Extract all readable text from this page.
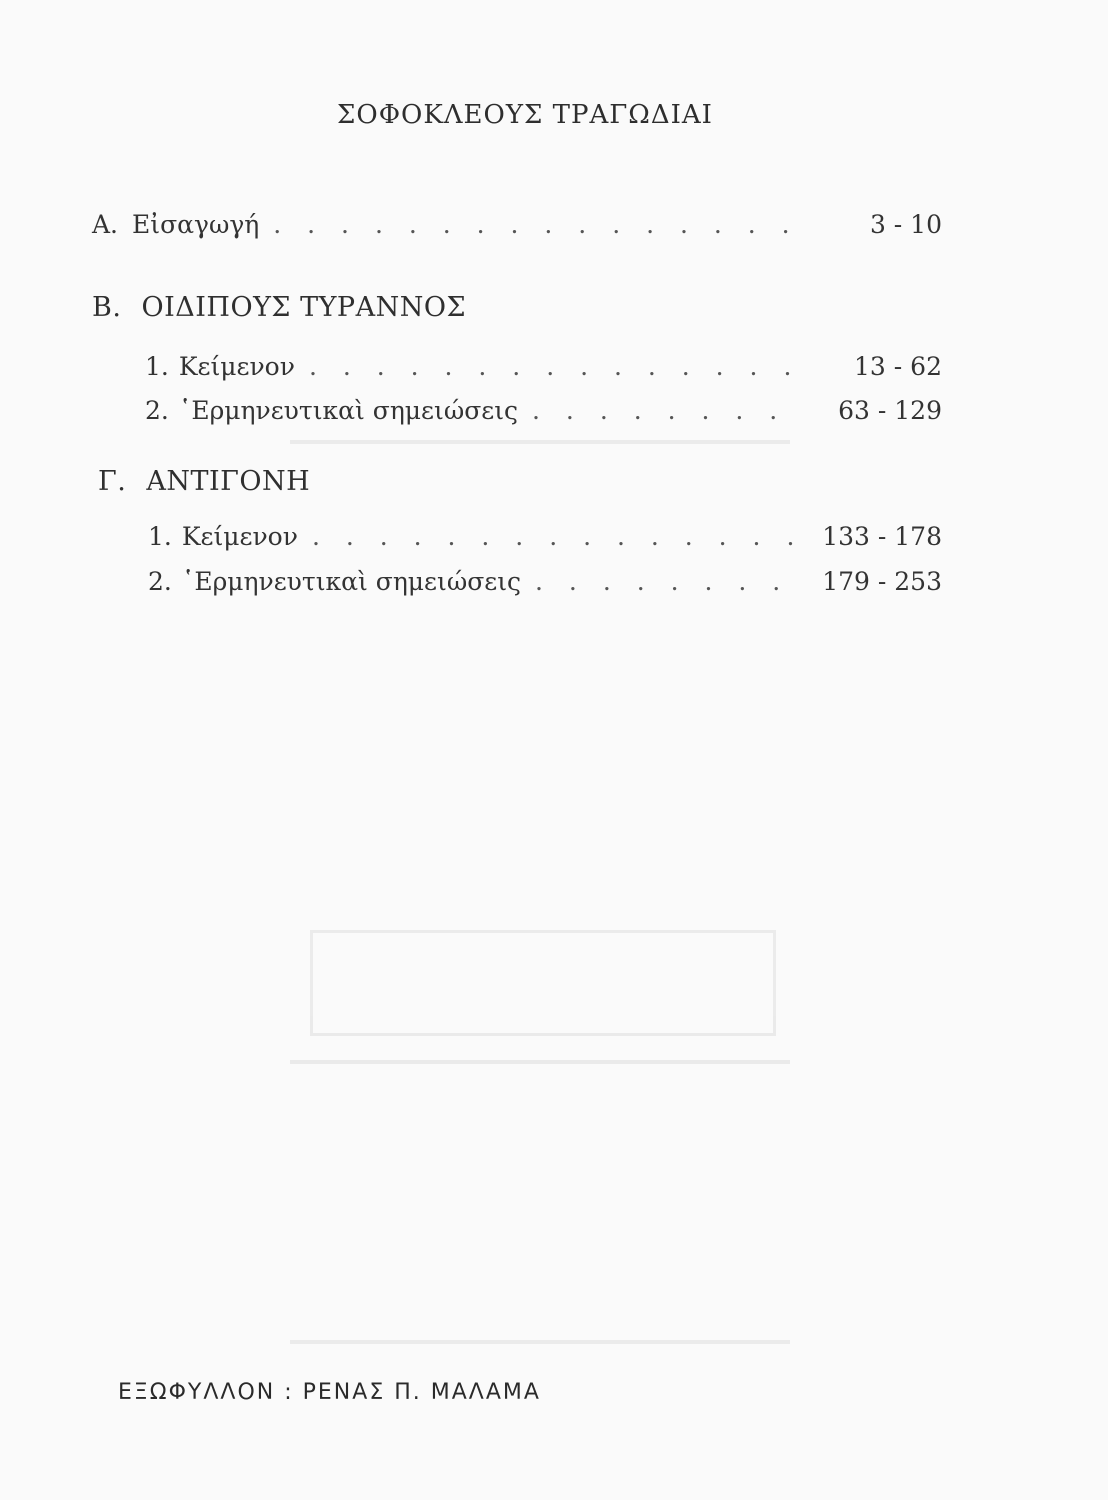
ΣΟΦΟΚΛΕΟΥΣ ΤΡΑΓΩΔΙΑΙ
Α. Εἰσαγωγή . . .	3 - 10
Β. ΟΙΔΙΠΟΥΣ ΤΥΡΑΝΝΟΣ
1. Κείμενον . . .	13 - 62
2. ῾Ερμηνευτικαὶ σημειώσεις . . .	63 - 129
Γ. ΑΝΤΙΓΟΝΗ
1. Κείμενον . . .	133 - 178
2. ῾Ερμηνευτικαὶ σημειώσεις . . .	179 - 253
ΕΞΩΦΥΛΛΟΝ : ΡΕΝΑΣ Π. ΜΑΛΑΜΑ
